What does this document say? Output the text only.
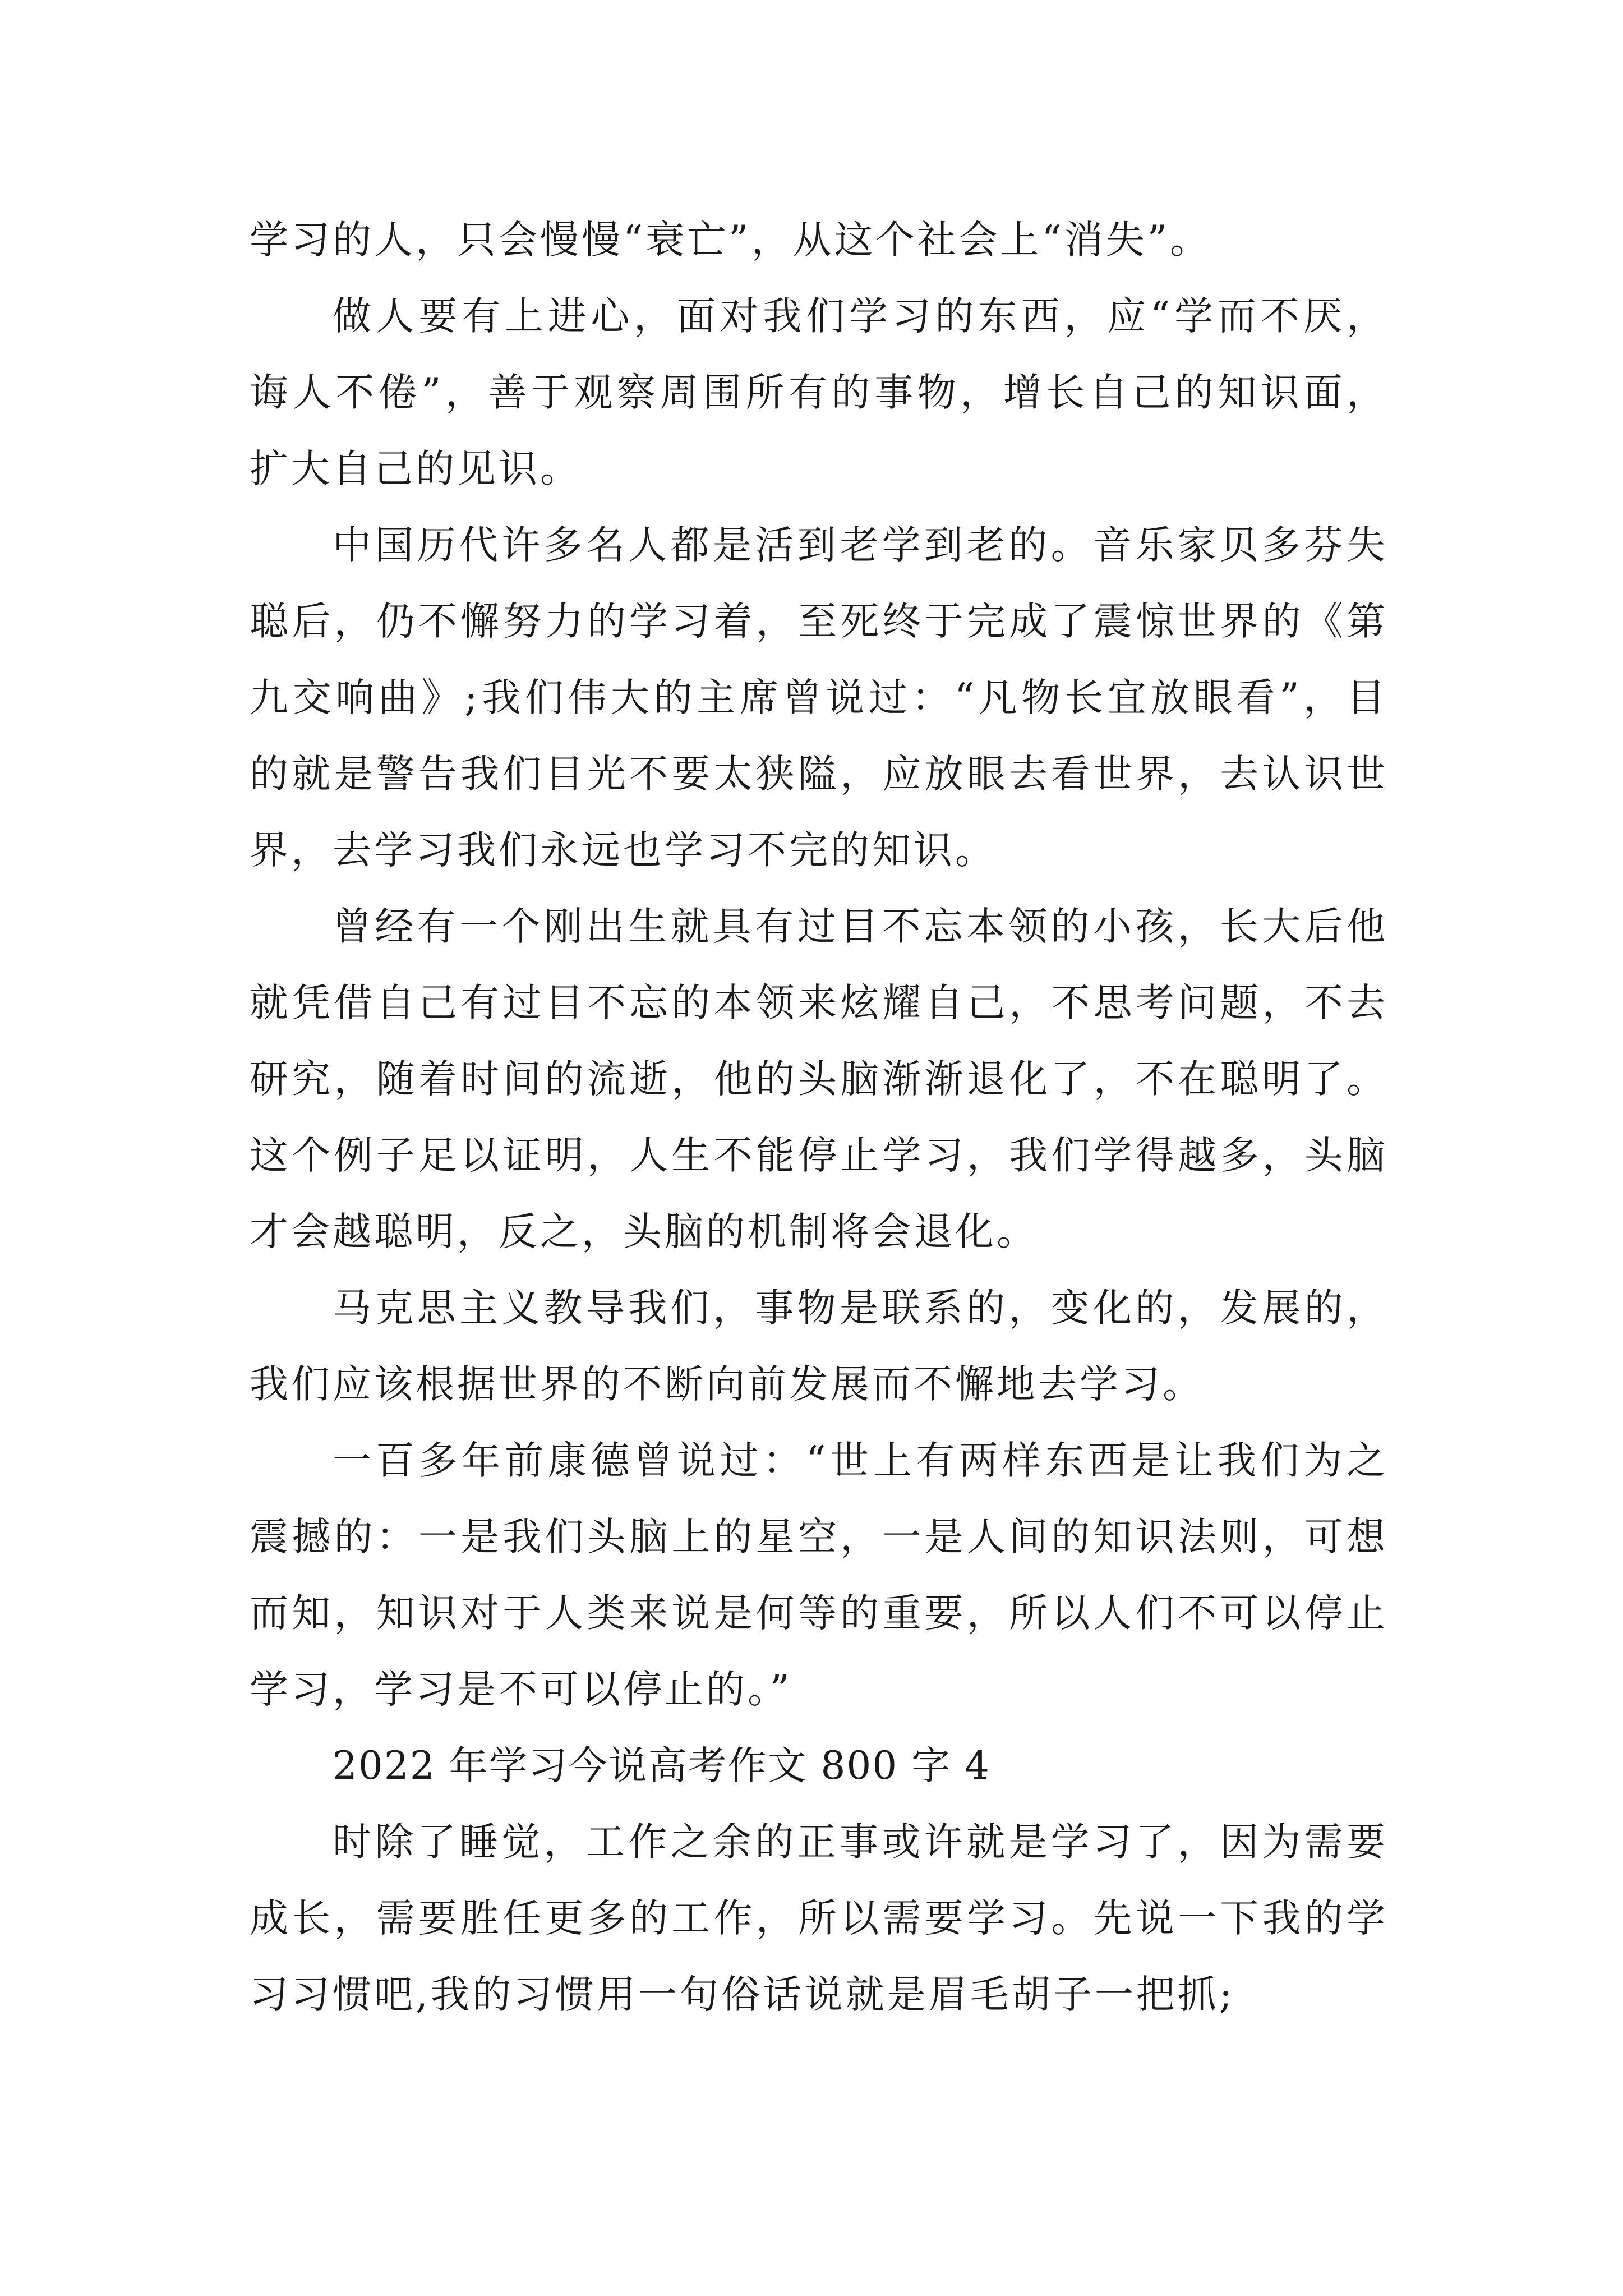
学习的人，只会慢慢“衰亡”，从这个社会上“消失”。

做人要有上进心，面对我们学习的东西，应“学而不厌，诲人不倦”，善于观察周围所有的事物，增长自己的知识面，扩大自己的见识。

中国历代许多名人都是活到老学到老的。音乐家贝多芬失聪后，仍不懈努力的学习着，至死终于完成了震惊世界的《第九交响曲》;我们伟大的主席曾说过：“凡物长宜放眼看”，目的就是警告我们目光不要太狭隘，应放眼去看世界，去认识世界，去学习我们永远也学习不完的知识。

曾经有一个刚出生就具有过目不忘本领的小孩，长大后他就凭借自己有过目不忘的本领来炫耀自己，不思考问题，不去研究，随着时间的流逝，他的头脑渐渐退化了，不在聪明了。这个例子足以证明，人生不能停止学习，我们学得越多，头脑才会越聪明，反之，头脑的机制将会退化。

马克思主义教导我们，事物是联系的，变化的，发展的，我们应该根据世界的不断向前发展而不懈地去学习。

一百多年前康德曾说过：“世上有两样东西是让我们为之震撼的：一是我们头脑上的星空，一是人间的知识法则，可想而知，知识对于人类来说是何等的重要，所以人们不可以停止学习，学习是不可以停止的。”

2022 年学习今说高考作文 800 字 4

时除了睡觉，工作之余的正事或许就是学习了，因为需要成长，需要胜任更多的工作，所以需要学习。先说一下我的学习习惯吧,我的习惯用一句俗话说就是眉毛胡子一把抓;
